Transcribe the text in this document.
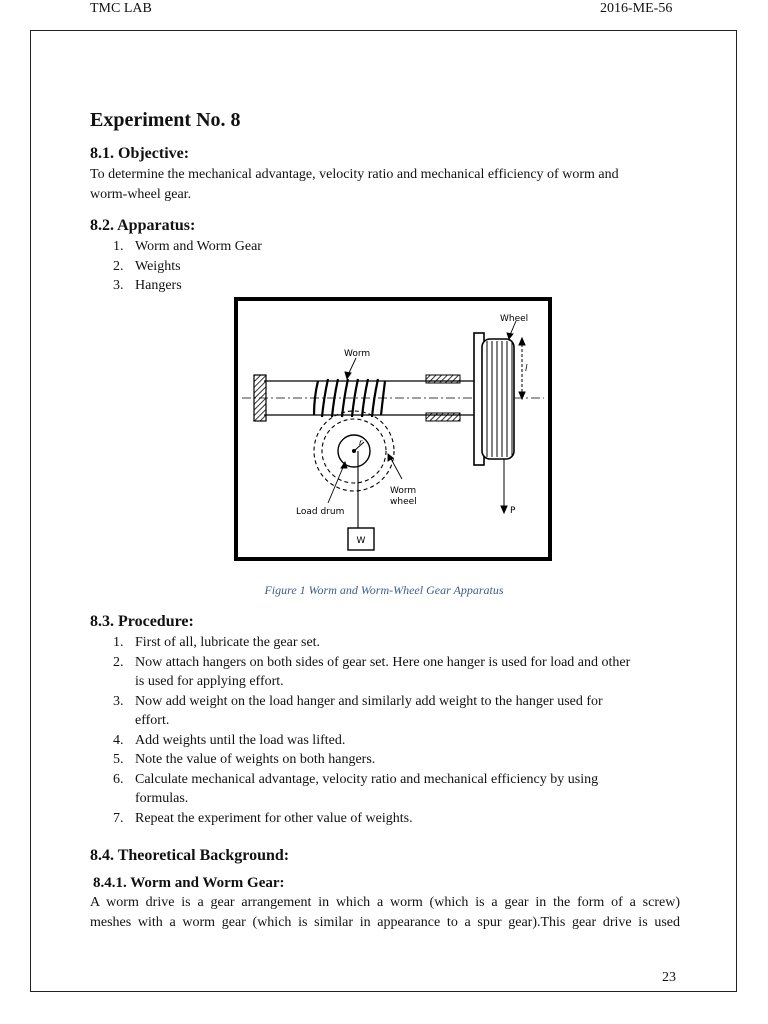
TMC LAB	2016-ME-56
Experiment No. 8
8.1. Objective:

To determine the mechanical advantage, velocity ratio and mechanical efficiency of worm and
worm-wheel gear.

8.2. Apparatus:
1. Worm and Worm Gear
2. Weights
3. Hangers
l
r
W
Wheel
Worm
Worm
wheel
Load drum	P

Figure 1 Worm and Worm-Wheel Gear Apparatus

8.3. Procedure:
1. First of all, lubricate the gear set.
2. Now attach hangers on both sides of gear set. Here one hanger is used for load and other
is used for applying effort.
3. Now add weight on the load hanger and similarly add weight to the hanger used for
effort.
4. Add weights until the load was lifted.
5. Note the value of weights on both hangers.
6. Calculate mechanical advantage, velocity ratio and mechanical efficiency by using
formulas.
7. Repeat the experiment for other value of weights.
8.4. Theoretical Background:
8.4.1. Worm and Worm Gear:

A worm drive is a gear arrangement in which a worm (which is a gear in the form of a screw)
meshes with a worm gear (which is similar in appearance to a spur gear).This gear drive is used

23
